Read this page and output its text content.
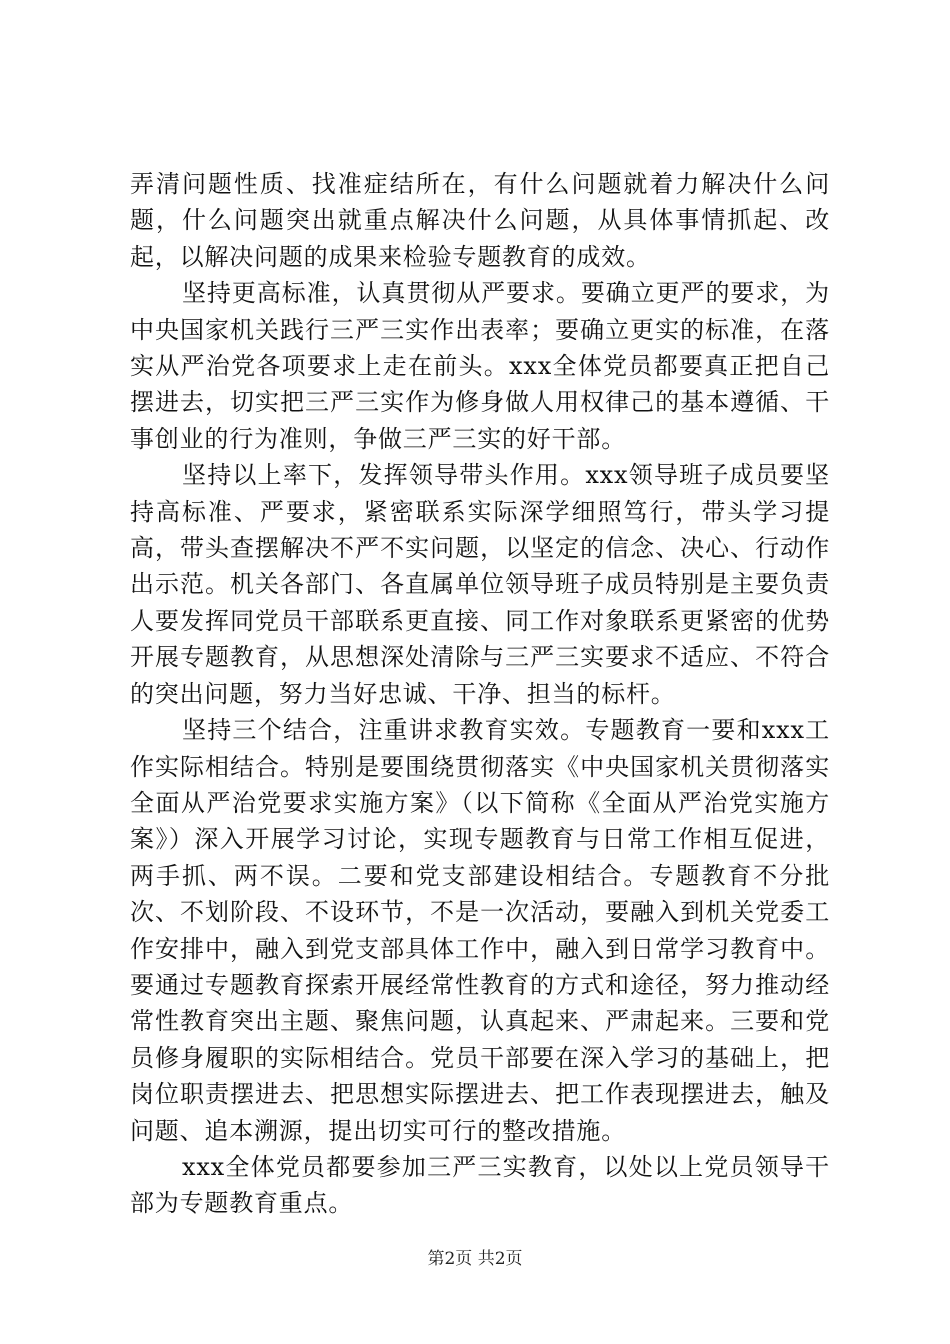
弄清问题性质、找准症结所在，有什么问题就着力解决什么问题，什么问题突出就重点解决什么问题，从具体事情抓起、改起，以解决问题的成果来检验专题教育的成效。

坚持更高标准，认真贯彻从严要求。要确立更严的要求，为中央国家机关践行三严三实作出表率；要确立更实的标准，在落实从严治党各项要求上走在前头。xxx全体党员都要真正把自己摆进去，切实把三严三实作为修身做人用权律己的基本遵循、干事创业的行为准则，争做三严三实的好干部。

坚持以上率下，发挥领导带头作用。xxx领导班子成员要坚持高标准、严要求，紧密联系实际深学细照笃行，带头学习提高，带头查摆解决不严不实问题，以坚定的信念、决心、行动作出示范。机关各部门、各直属单位领导班子成员特别是主要负责人要发挥同党员干部联系更直接、同工作对象联系更紧密的优势开展专题教育，从思想深处清除与三严三实要求不适应、不符合的突出问题，努力当好忠诚、干净、担当的标杆。

坚持三个结合，注重讲求教育实效。专题教育一要和xxx工作实际相结合。特别是要围绕贯彻落实《中央国家机关贯彻落实全面从严治党要求实施方案》（以下简称《全面从严治党实施方案》）深入开展学习讨论，实现专题教育与日常工作相互促进，两手抓、两不误。二要和党支部建设相结合。专题教育不分批次、不划阶段、不设环节，不是一次活动，要融入到机关党委工作安排中，融入到党支部具体工作中，融入到日常学习教育中。要通过专题教育探索开展经常性教育的方式和途径，努力推动经常性教育突出主题、聚焦问题，认真起来、严肃起来。三要和党员修身履职的实际相结合。党员干部要在深入学习的基础上，把岗位职责摆进去、把思想实际摆进去、把工作表现摆进去，触及问题、追本溯源，提出切实可行的整改措施。

xxx全体党员都要参加三严三实教育，以处以上党员领导干部为专题教育重点。

第2页 共2页
